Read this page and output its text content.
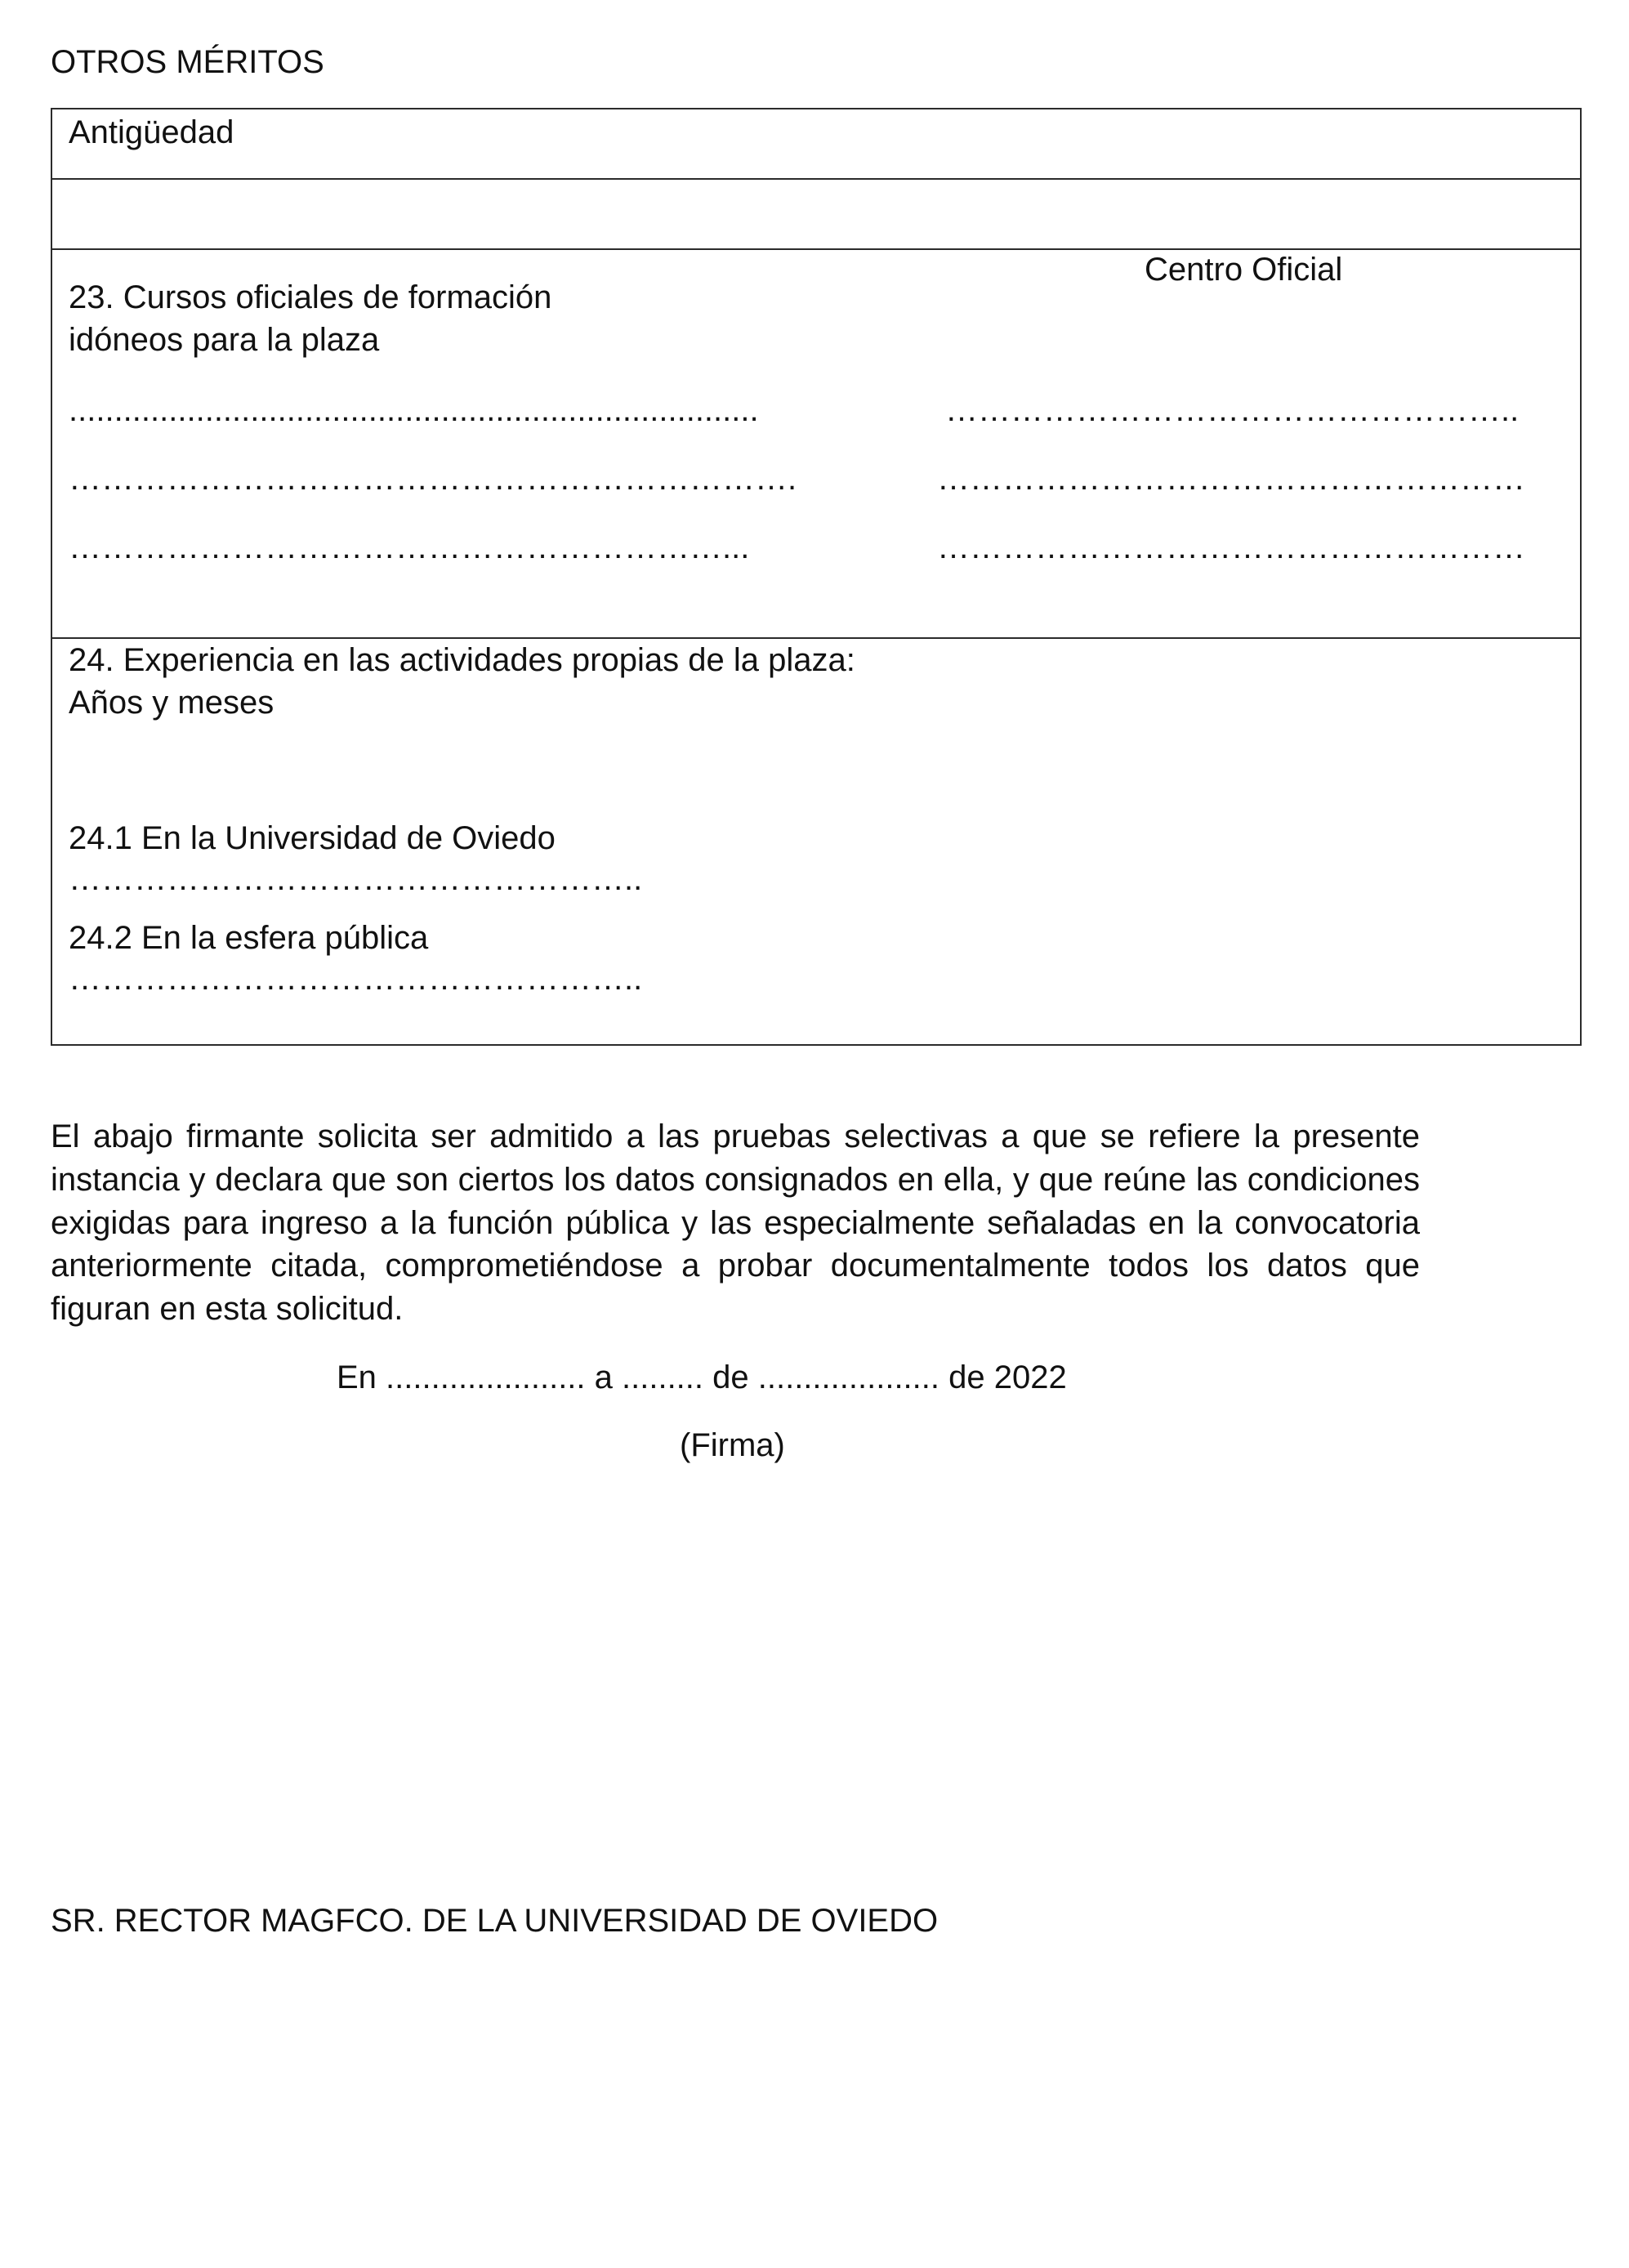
OTROS MÉRITOS
Antigüedad
23. Cursos oficiales de formación
idóneos para la plaza
Centro Oficial
............................................................................
………………………………………………………….
……………………………………………………...
……………………………………………..
………………………………………………
………………………………………………
24. Experiencia en las actividades propias de la plaza:
Años y meses
24.1 En la Universidad de Oviedo
……………………………………………..
24.2 En la esfera pública
……………………………………………..
El abajo firmante solicita ser admitido a las pruebas selectivas a que se refiere la presente instancia y declara que son ciertos los datos consignados en ella, y que reúne las condiciones exigidas para ingreso a la función pública y las especialmente señaladas en la convocatoria anteriormente citada, comprometiéndose a probar documentalmente todos los datos que figuran en esta solicitud.
En ...................... a ......... de .................... de 2022
(Firma)
SR. RECTOR MAGFCO. DE LA UNIVERSIDAD DE OVIEDO
